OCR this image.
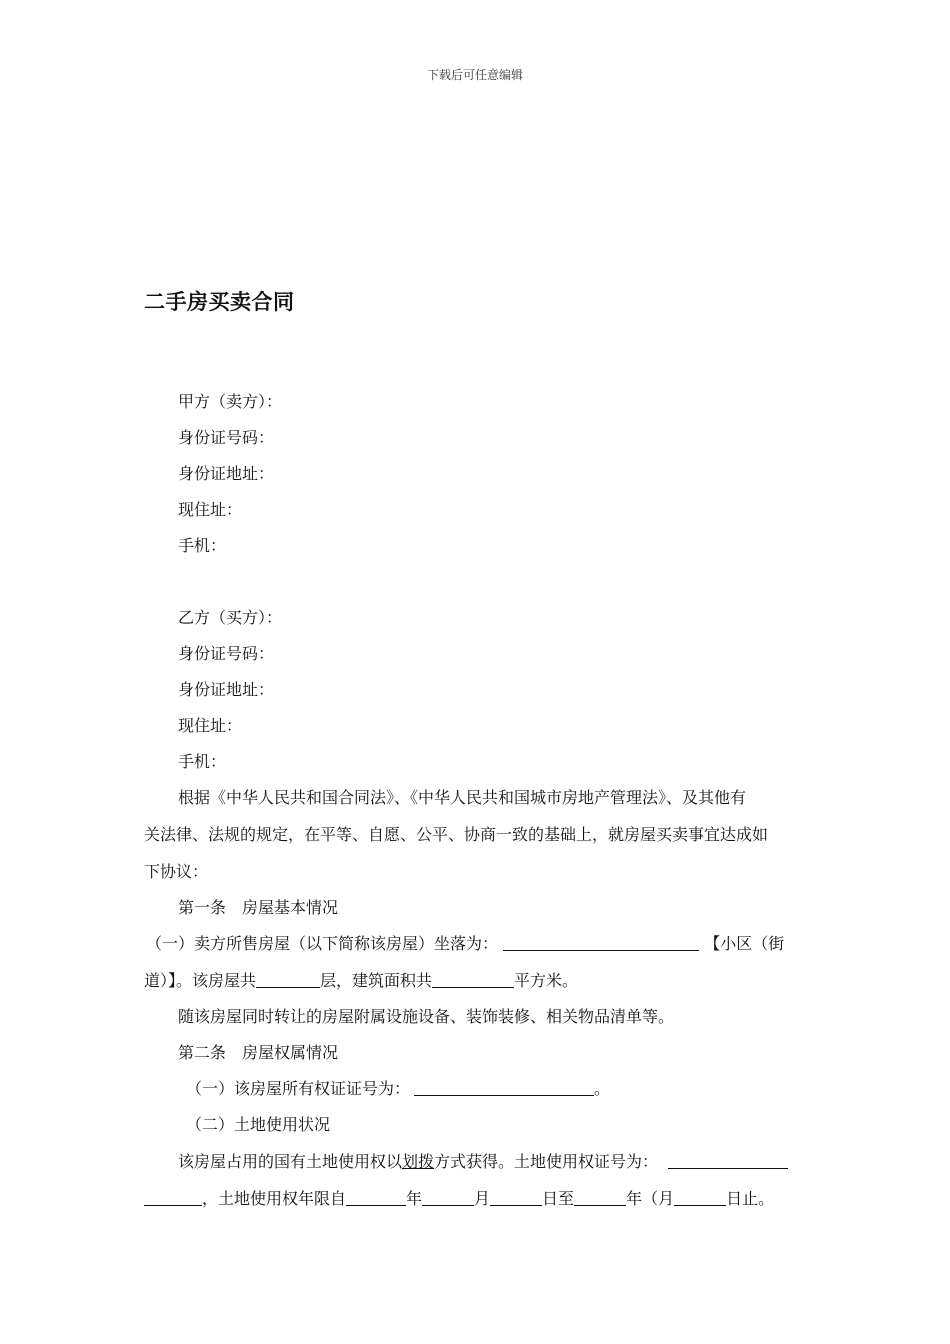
下载后可任意编辑
二手房买卖合同
甲方（卖方）：
身份证号码：
身份证地址：
现住址：
手机：
乙方（买方）：
身份证号码：
身份证地址：
现住址：
手机：
根据《中华人民共和国合同法》、《中华人民共和国城市房地产管理法》、及其他有
关法律、法规的规定，在平等、自愿、公平、协商一致的基础上，就房屋买卖事宜达成如
下协议：
第一条 房屋基本情况
（一）卖方所售房屋（以下简称该房屋）坐落为：	【小区（街
道）】。该房屋共	层，建筑面积共	平方米。
随该房屋同时转让的房屋附属设施设备、装饰装修、相关物品清单等。
第二条 房屋权属情况
（一）该房屋所有权证证号为：	。
（二）土地使用状况
该房屋占用的国有土地使用权以划拨方式获得。土地使用权证号为：
，土地使用权年限自	年	月	日至	年（月	日止。
